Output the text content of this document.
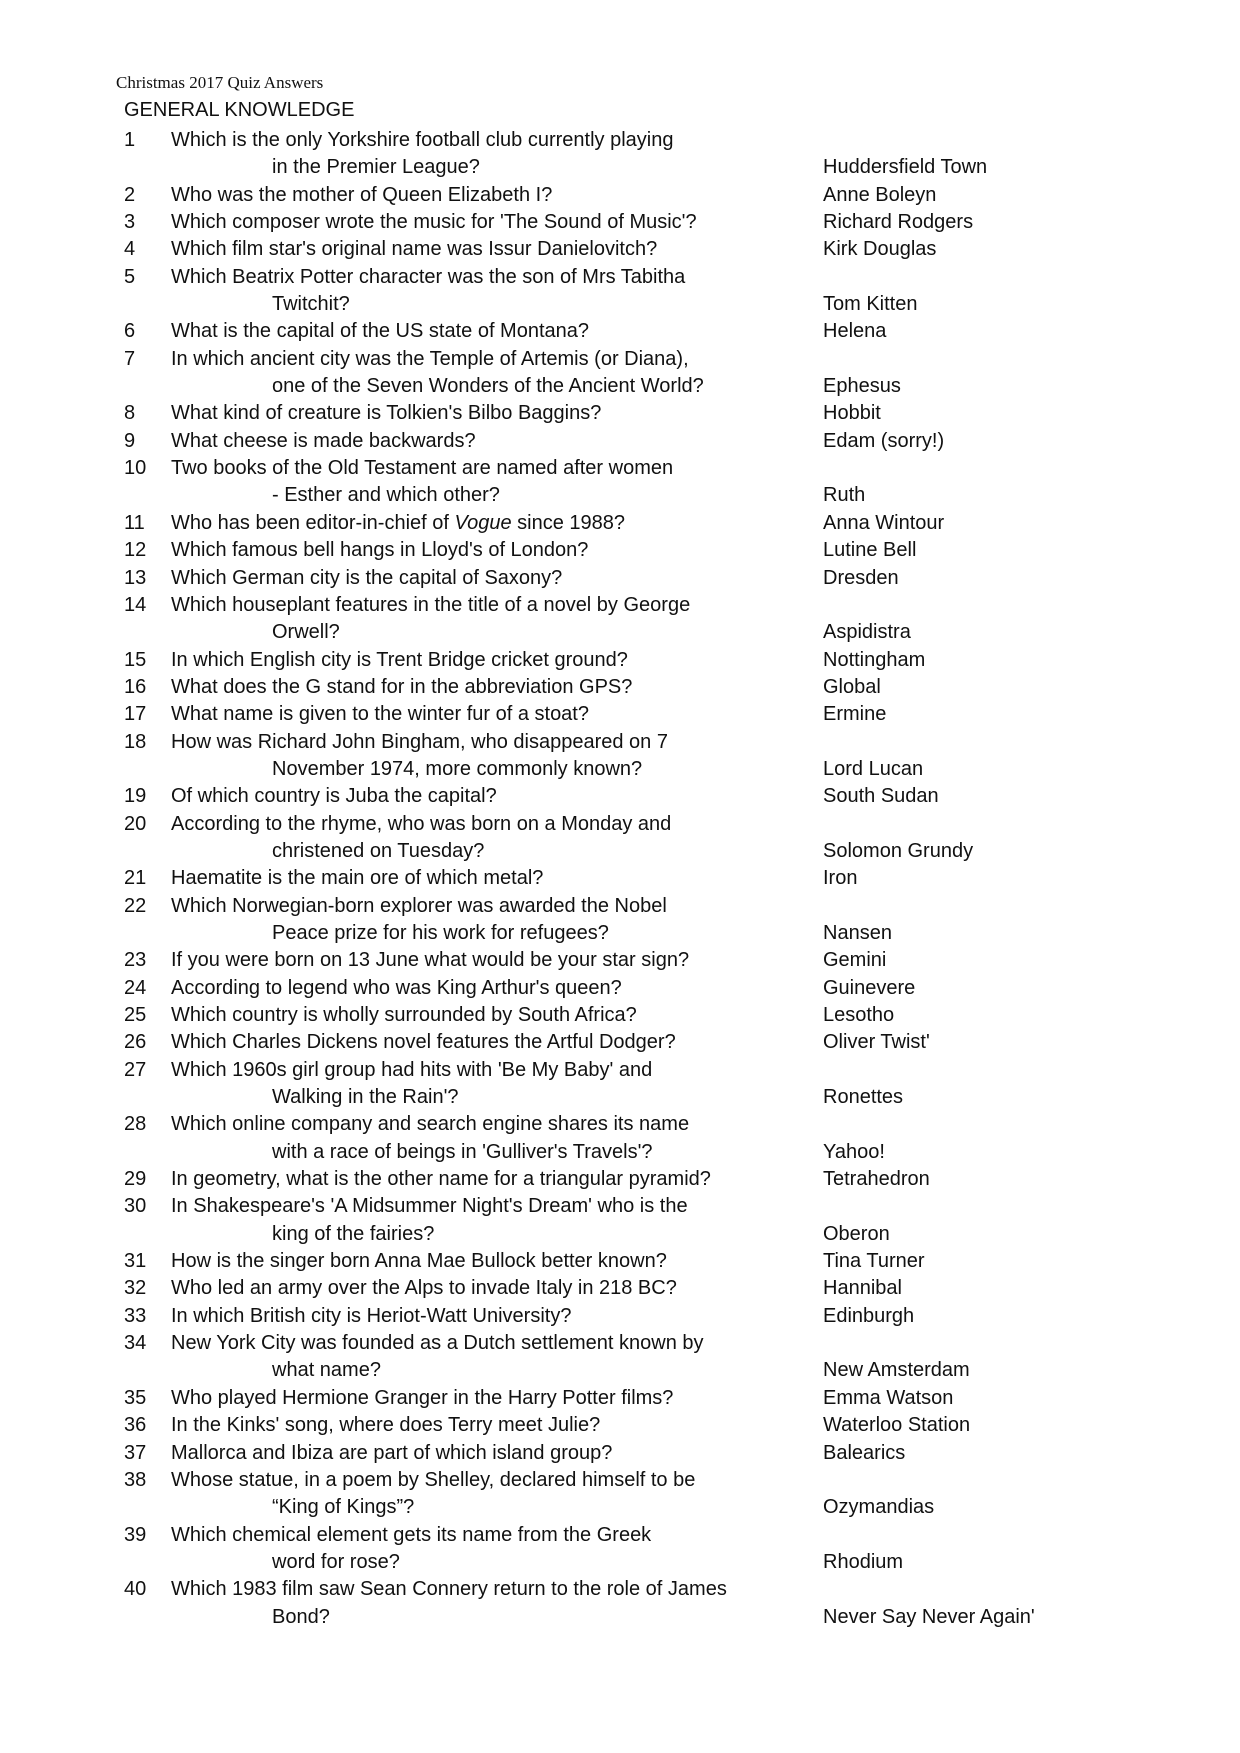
Christmas 2017 Quiz Answers
GENERAL KNOWLEDGE
1 Which is the only Yorkshire football club currently playing
in the Premier League?	Huddersfield Town
2 Who was the mother of Queen Elizabeth I?	Anne Boleyn
3 Which composer wrote the music for 'The Sound of Music'?	Richard Rodgers
4 Which film star's original name was Issur Danielovitch?	Kirk Douglas
5 Which Beatrix Potter character was the son of Mrs Tabitha
Twitchit?	Tom Kitten
6 What is the capital of the US state of Montana?	Helena
7 In which ancient city was the Temple of Artemis (or Diana),
one of the Seven Wonders of the Ancient World?	Ephesus
8 What kind of creature is Tolkien's Bilbo Baggins?	Hobbit
9 What cheese is made backwards?	Edam (sorry!)
10 Two books of the Old Testament are named after women
- Esther and which other?	Ruth
11 Who has been editor-in-chief of Vogue since 1988?	Anna Wintour
12 Which famous bell hangs in Lloyd's of London?	Lutine Bell
13 Which German city is the capital of Saxony?	Dresden
14 Which houseplant features in the title of a novel by George
Orwell?	Aspidistra
15 In which English city is Trent Bridge cricket ground?	Nottingham
16 What does the G stand for in the abbreviation GPS?	Global
17 What name is given to the winter fur of a stoat?	Ermine
18 How was Richard John Bingham, who disappeared on 7
November 1974, more commonly known?	Lord Lucan
19 Of which country is Juba the capital?	South Sudan
20 According to the rhyme, who was born on a Monday and
christened on Tuesday?	Solomon Grundy
21 Haematite is the main ore of which metal?	Iron
22 Which Norwegian-born explorer was awarded the Nobel
Peace prize for his work for refugees?	Nansen
23 If you were born on 13 June what would be your star sign?	Gemini
24 According to legend who was King Arthur's queen?	Guinevere
25 Which country is wholly surrounded by South Africa?	Lesotho
26 Which Charles Dickens novel features the Artful Dodger?	Oliver Twist'
27 Which 1960s girl group had hits with 'Be My Baby' and
Walking in the Rain'?	Ronettes
28 Which online company and search engine shares its name
with a race of beings in 'Gulliver's Travels'?	Yahoo!
29 In geometry, what is the other name for a triangular pyramid?	Tetrahedron
30 In Shakespeare's 'A Midsummer Night's Dream' who is the
king of the fairies?	Oberon
31 How is the singer born Anna Mae Bullock better known?	Tina Turner
32 Who led an army over the Alps to invade Italy in 218 BC?	Hannibal
33 In which British city is Heriot-Watt University?	Edinburgh
34 New York City was founded as a Dutch settlement known by
what name?	New Amsterdam
35 Who played Hermione Granger in the Harry Potter films?	Emma Watson
36 In the Kinks' song, where does Terry meet Julie?	Waterloo Station
37 Mallorca and Ibiza are part of which island group?	Balearics
38 Whose statue, in a poem by Shelley, declared himself to be
“King of Kings”?	Ozymandias
39 Which chemical element gets its name from the Greek
word for rose?	Rhodium
40 Which 1983 film saw Sean Connery return to the role of James
Bond?	Never Say Never Again'
